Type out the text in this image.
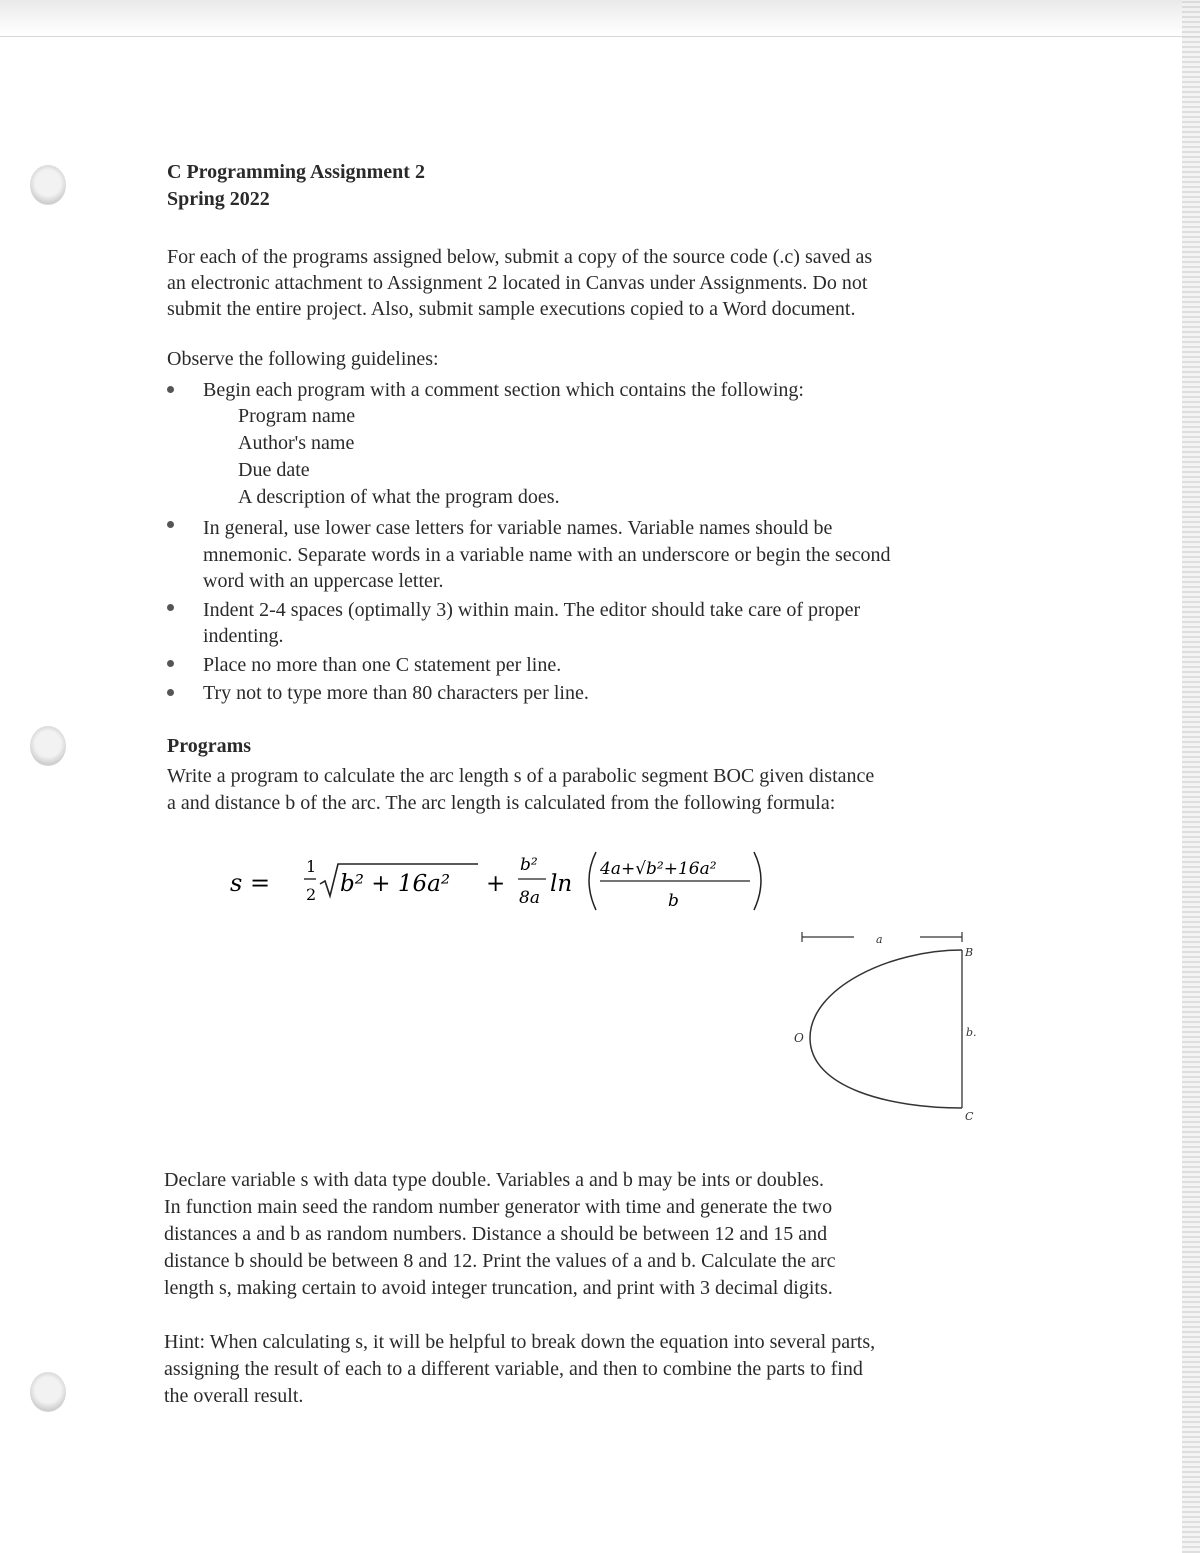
C Programming Assignment 2
Spring 2022
For each of the programs assigned below, submit a copy of the source code (.c) saved as
an electronic attachment to Assignment 2 located in Canvas under Assignments. Do not
submit the entire project. Also, submit sample executions copied to a Word document.
Observe the following guidelines:
Begin each program with a comment section which contains the following:
Program name
Author's name
Due date
A description of what the program does.
In general, use lower case letters for variable names. Variable names should be
mnemonic. Separate words in a variable name with an underscore or begin the second
word with an uppercase letter.
Indent 2-4 spaces (optimally 3) within main. The editor should take care of proper
indenting.
Place no more than one C statement per line.
Try not to type more than 80 characters per line.
Programs
Write a program to calculate the arc length s of a parabolic segment BOC given distance
a and distance b of the arc. The arc length is calculated from the following formula:
s =
1
2 b² + 16a² +
b²
8a
ln
4a+√b²+16a²
b
a
B
C
b.
O
Declare variable s with data type double. Variables a and b may be ints or doubles.
In function main seed the random number generator with time and generate the two
distances a and b as random numbers. Distance a should be between 12 and 15 and
distance b should be between 8 and 12. Print the values of a and b. Calculate the arc
length s, making certain to avoid integer truncation, and print with 3 decimal digits.
Hint: When calculating s, it will be helpful to break down the equation into several parts,
assigning the result of each to a different variable, and then to combine the parts to find
the overall result.
